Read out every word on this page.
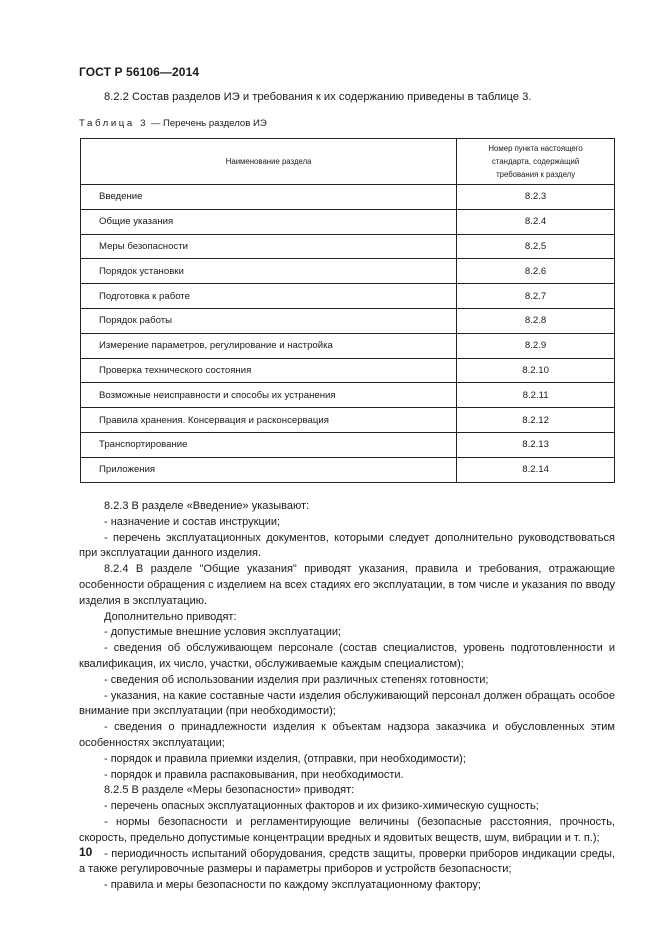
ГОСТ Р 56106—2014
8.2.2 Состав разделов ИЭ и требования к их содержанию приведены в таблице 3.
Таблица 3 — Перечень разделов ИЭ
Наименование раздела	Номер пункта настоящего стандарта, содержащий требования к разделу
Введение	8.2.3
Общие указания	8.2.4
Меры безопасности	8.2.5
Порядок установки	8.2.6
Подготовка к работе	8.2.7
Порядок работы	8.2.8
Измерение параметров, регулирование и настройка	8.2.9
Проверка технического состояния	8.2.10
Возможные неисправности и способы их устранения	8.2.11
Правила хранения. Консервация и расконсервация	8.2.12
Транспортирование	8.2.13
Приложения	8.2.14

8.2.3 В разделе «Введение» указывают:

- назначение и состав инструкции;

- перечень эксплуатационных документов, которыми следует дополнительно руководствоваться при эксплуатации данного изделия.

8.2.4 В разделе "Общие указания" приводят указания, правила и требования, отражающие особенности обращения с изделием на всех стадиях его эксплуатации, в том числе и указания по вводу изделия в эксплуатацию.

Дополнительно приводят:

- допустимые внешние условия эксплуатации;

- сведения об обслуживающем персонале (состав специалистов, уровень подготовленности и квалификация, их число, участки, обслуживаемые каждым специалистом);

- сведения об использовании изделия при различных степенях готовности;

- указания, на какие составные части изделия обслуживающий персонал должен обращать особое внимание при эксплуатации (при необходимости);

- сведения о принадлежности изделия к объектам надзора заказчика и обусловленных этим особенностях эксплуатации;

- порядок и правила приемки изделия, (отправки, при необходимости);

- порядок и правила распаковывания, при необходимости.

8.2.5 В разделе «Меры безопасности» приводят:

- перечень опасных эксплуатационных факторов и их физико-химическую сущность;

- нормы безопасности и регламентирующие величины (безопасные расстояния, прочность, скорость, предельно допустимые концентрации вредных и ядовитых веществ, шум, вибрации и т. п.);

- периодичность испытаний оборудования, средств защиты, проверки приборов индикации среды, а также регулировочные размеры и параметры приборов и устройств безопасности;

- правила и меры безопасности по каждому эксплуатационному фактору;

10
